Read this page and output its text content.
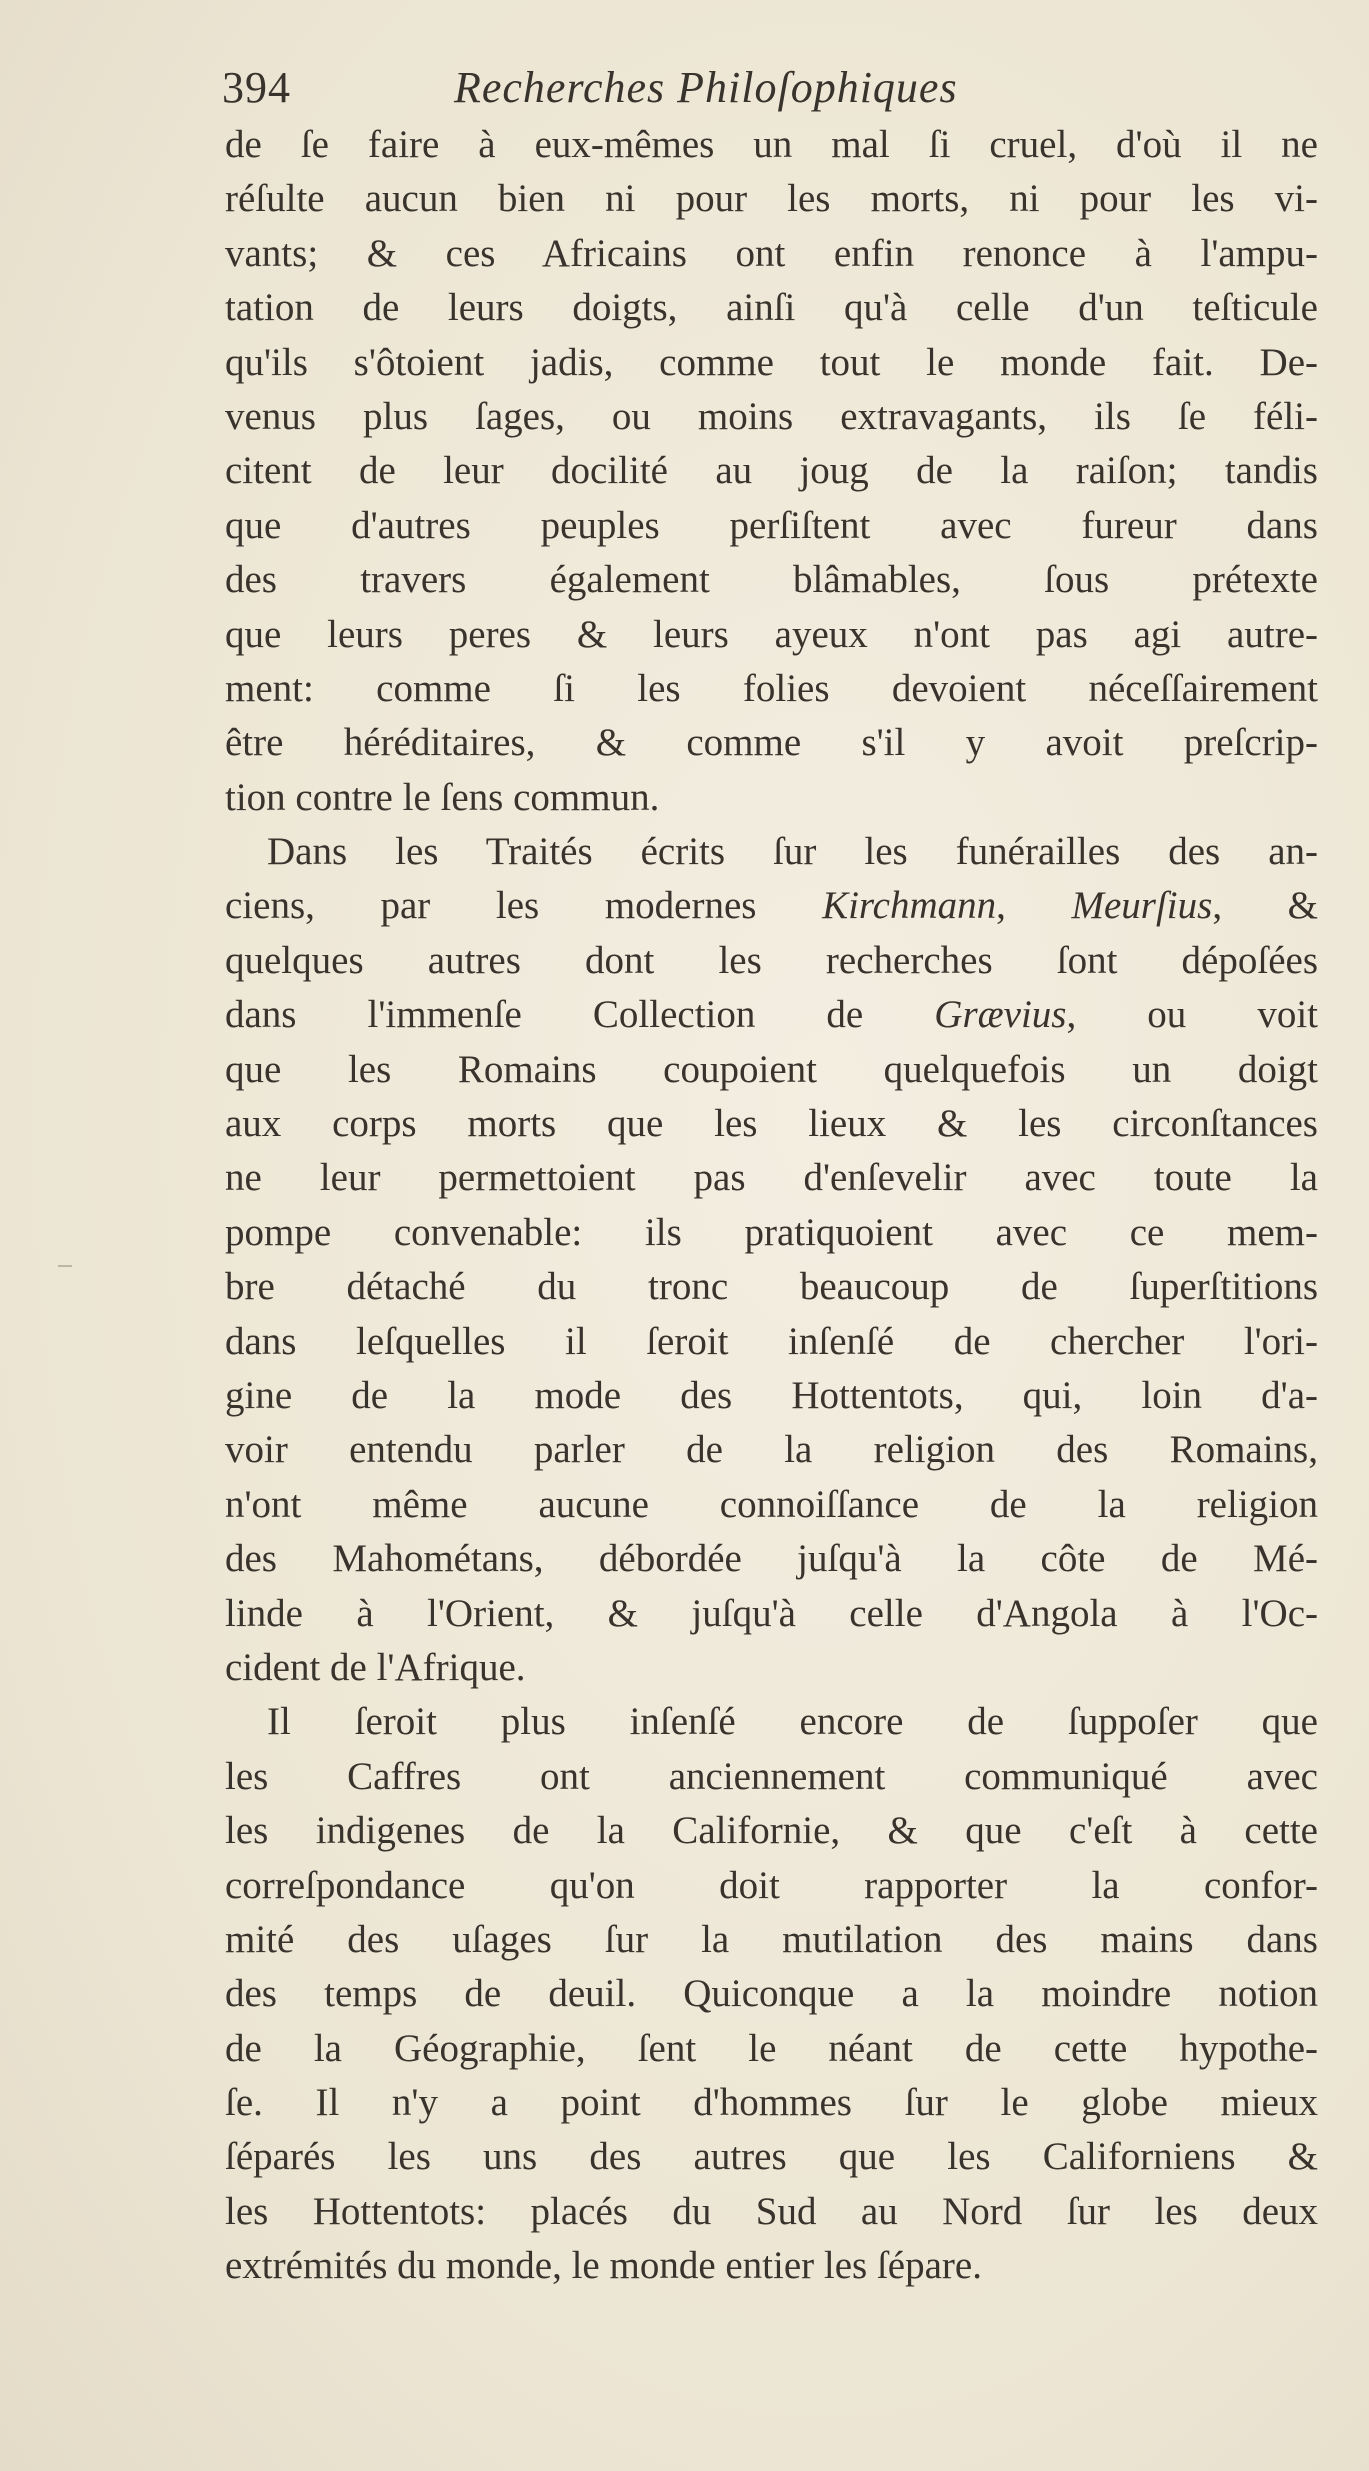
394	Recherches Philoſophiques
de ſe faire à eux-mêmes un mal ſi cruel, d'où il ne
réſulte aucun bien ni pour les morts, ni pour les vi-
vants; & ces Africains ont enfin renonce à l'ampu-
tation de leurs doigts, ainſi qu'à celle d'un teſticule
qu'ils s'ôtoient jadis, comme tout le monde fait. De-
venus plus ſages, ou moins extravagants, ils ſe féli-
citent de leur docilité au joug de la raiſon; tandis
que d'autres peuples perſiſtent avec fureur dans
des travers également blâmables, ſous prétexte
que leurs peres & leurs ayeux n'ont pas agi autre-
ment: comme ſi les folies devoient néceſſairement
être héréditaires, & comme s'il y avoit preſcrip-
tion contre le ſens commun.
Dans les Traités écrits ſur les funérailles des an-
ciens, par les modernes Kirchmann, Meurſius, &
quelques autres dont les recherches ſont dépoſées
dans l'immenſe Collection de Grævius, ou voit
que les Romains coupoient quelquefois un doigt
aux corps morts que les lieux & les circonſtances
ne leur permettoient pas d'enſevelir avec toute la
pompe convenable: ils pratiquoient avec ce mem-
bre détaché du tronc beaucoup de ſuperſtitions
dans leſquelles il ſeroit inſenſé de chercher l'ori-
gine de la mode des Hottentots, qui, loin d'a-
voir entendu parler de la religion des Romains,
n'ont même aucune connoiſſance de la religion
des Mahométans, débordée juſqu'à la côte de Mé-
linde à l'Orient, & juſqu'à celle d'Angola à l'Oc-
cident de l'Afrique.
Il ſeroit plus inſenſé encore de ſuppoſer que
les Caffres ont anciennement communiqué avec
les indigenes de la Californie, & que c'eſt à cette
correſpondance qu'on doit rapporter la confor-
mité des uſages ſur la mutilation des mains dans
des temps de deuil. Quiconque a la moindre notion
de la Géographie, ſent le néant de cette hypothe-
ſe. Il n'y a point d'hommes ſur le globe mieux
ſéparés les uns des autres que les Californiens &
les Hottentots: placés du Sud au Nord ſur les deux
extrémités du monde, le monde entier les ſépare.
